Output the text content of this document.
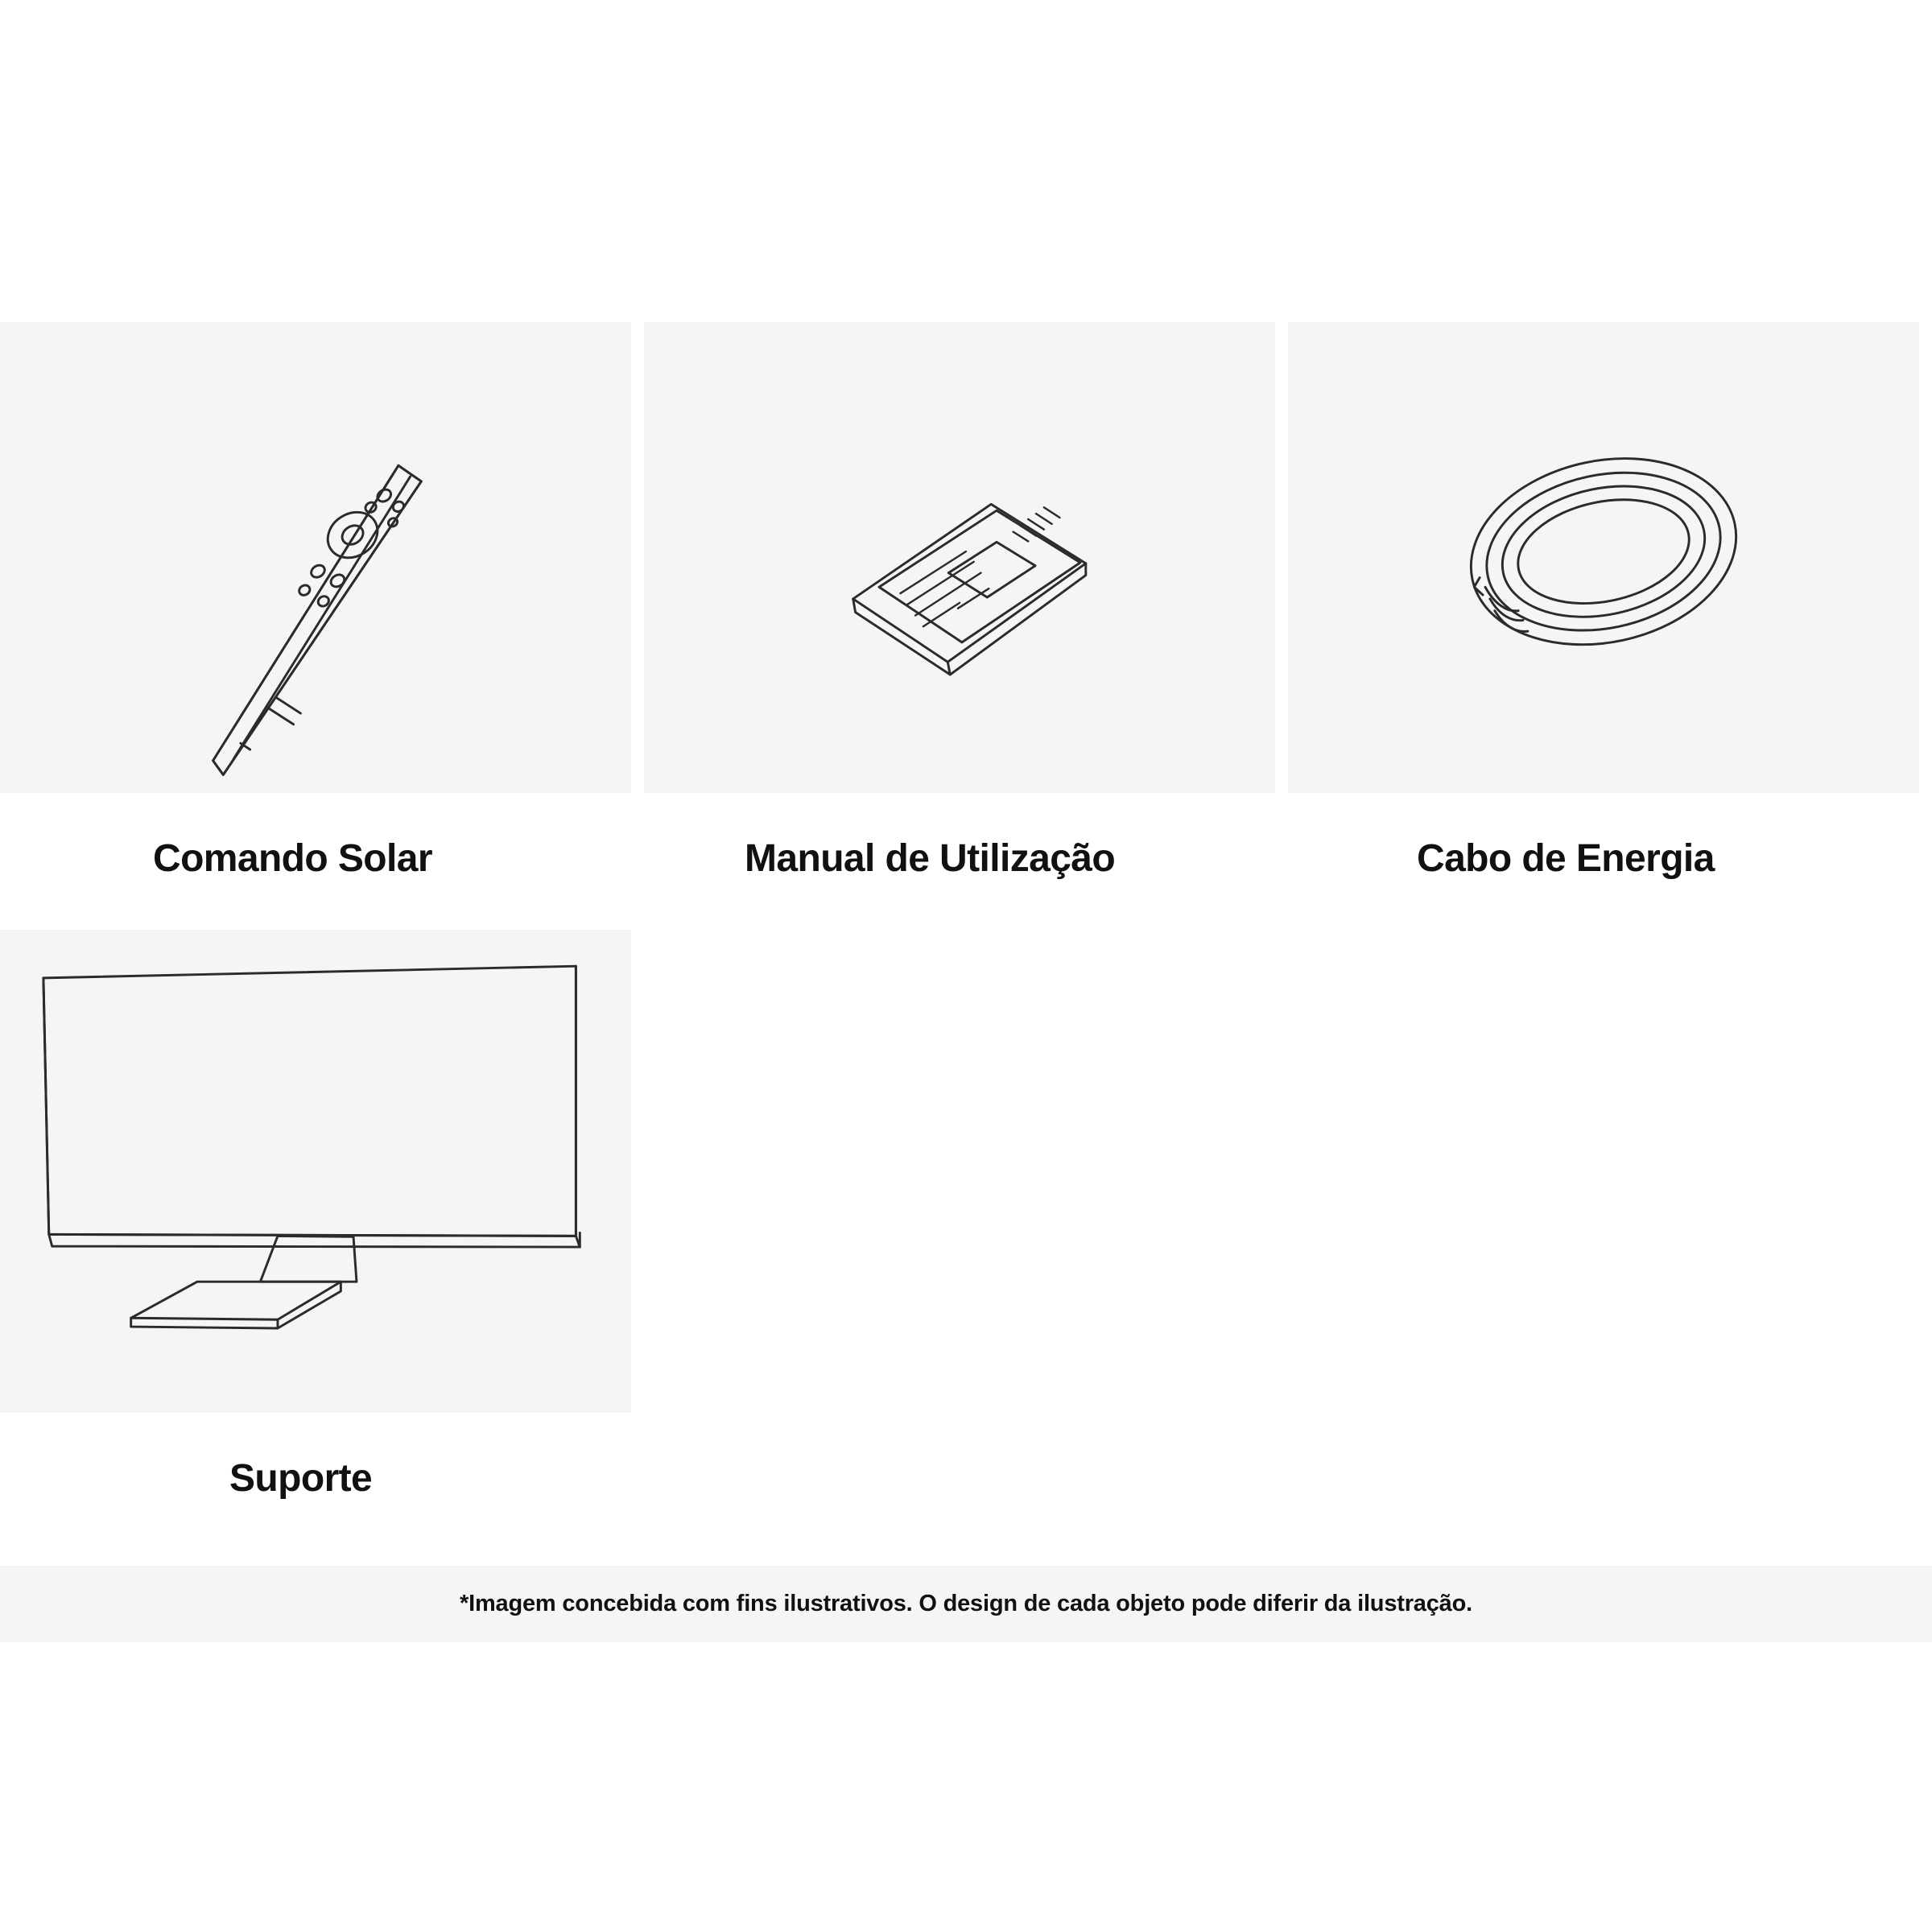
Comando Solar	Manual de Utilização	Cabo de Energia
Suporte
*Imagem concebida com fins ilustrativos. O design de cada objeto pode diferir da ilustração.
